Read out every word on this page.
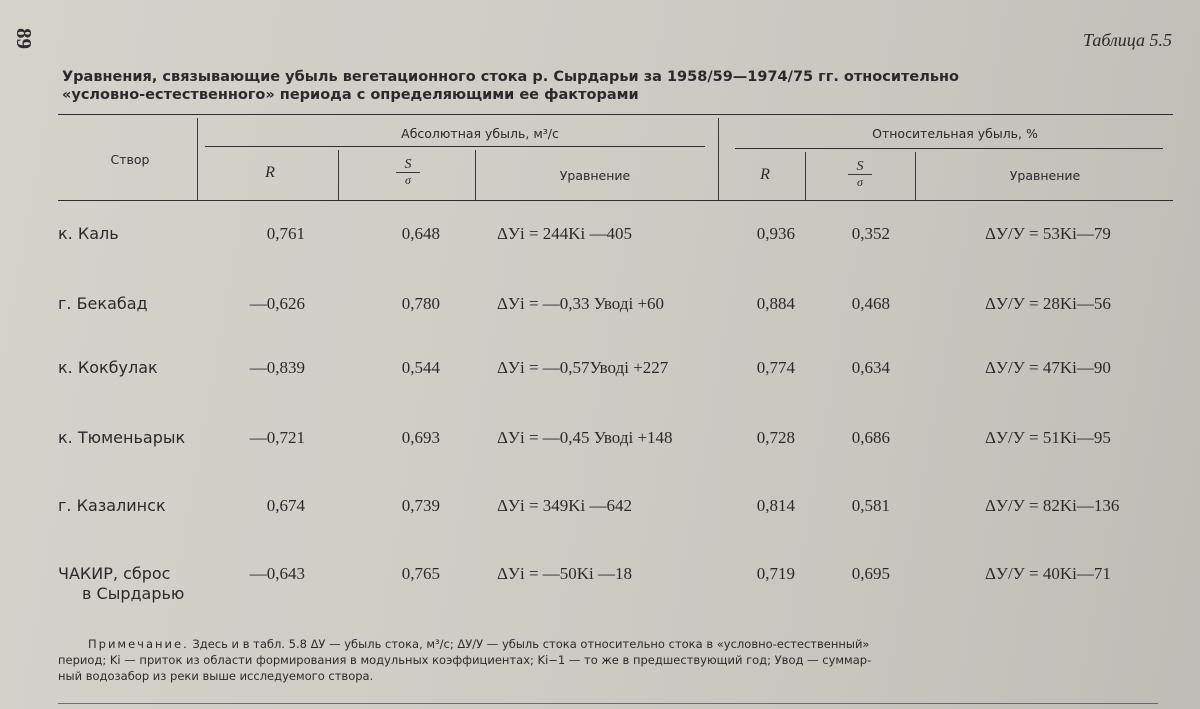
89	Таблица 5.5
Уравнения, связывающие убыль вегетационного стока р. Сырдарьи за 1958/59—1974/75 гг. относительно
«условно-естественного» периода с определяющими ее факторами
Створ
Абсолютная убыль, м³/с	Относительная убыль, %
R	$\frac{S}{\sigma}$	Уравнение	R	$\frac{S}{\sigma}$	Уравнение
к. Каль	0,761	0,648	ΔУi = 244Ki —405	0,936	0,352	ΔУ/У = 53Ki—79
г. Бекабад	—0,626	0,780	ΔУi = —0,33 Уводi +60	0,884	0,468	ΔУ/У = 28Ki—56
к. Кокбулак	—0,839	0,544	ΔУi = —0,57Уводi +227	0,774	0,634	ΔУ/У = 47Ki—90
к. Тюменьарык	—0,721	0,693	ΔУi = —0,45 Уводi +148	0,728	0,686	ΔУ/У = 51Ki—95
г. Казалинск	0,674	0,739	ΔУi = 349Ki —642	0,814	0,581	ΔУ/У = 82Ki—136
ЧАКИР, сброс
в Сырдарью
—0,643	0,765	ΔУi = —50Ki —18	0,719	0,695	ΔУ/У = 40Ki—71
Примечание. Здесь и в табл. 5.8 ΔУ — убыль стока, м³/с; ΔУ/У — убыль стока относительно стока в «условно-естественный»
период; Ki — приток из области формирования в модульных коэффициентах; Ki−1 — то же в предшествующий год; Увод — суммар-
ный водозабор из реки выше исследуемого створа.
